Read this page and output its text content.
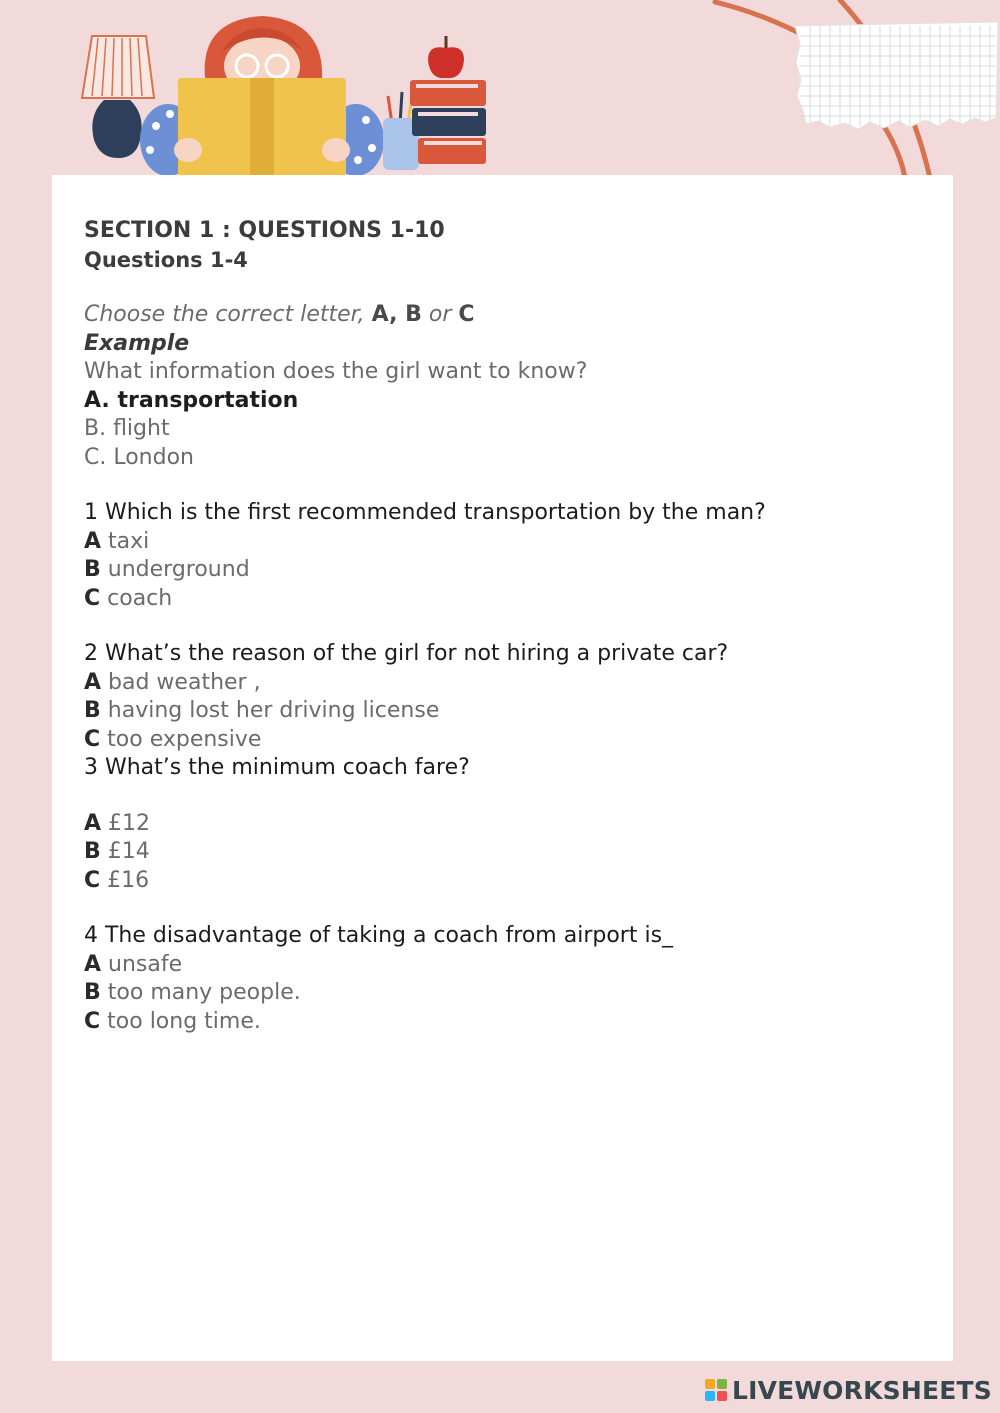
SECTION 1 : QUESTIONS 1-10
Questions 1-4
Choose the correct letter, A, B or C
Example
What information does the girl want to know?
A. transportation
B. flight
C. London
1 Which is the first recommended transportation by the man?
A taxi
B underground
C coach
2 What’s the reason of the girl for not hiring a private car?
A bad weather ,
B having lost her driving license
C too expensive
3 What’s the minimum coach fare?
A £12
B £14
C £16
4 The disadvantage of taking a coach from airport is_
A unsafe
B too many people.
C too long time.
LIVEWORKSHEETS
